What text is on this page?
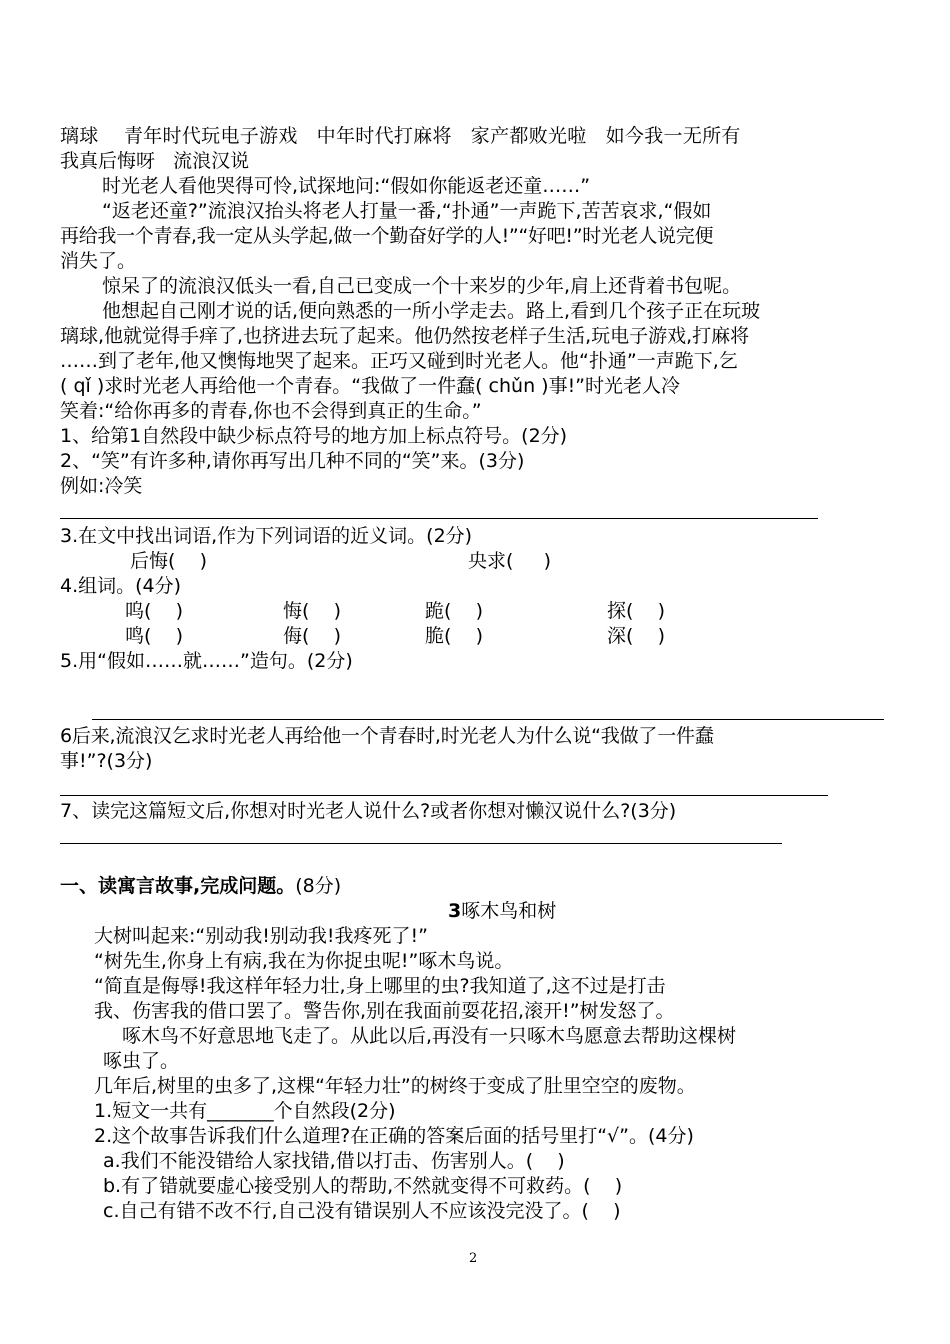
璃球    青年时代玩电子游戏   中年时代打麻将   家产都败光啦   如今我一无所有
我真后悔呀   流浪汉说
时光老人看他哭得可怜,试探地问:“假如你能返老还童……”
“返老还童?”流浪汉抬头将老人打量一番,“扑通”一声跪下,苦苦哀求,“假如
再给我一个青春,我一定从头学起,做一个勤奋好学的人!”“好吧!”时光老人说完便
消失了。
惊呆了的流浪汉低头一看,自己已变成一个十来岁的少年,肩上还背着书包呢。
他想起自己刚才说的话,便向熟悉的一所小学走去。路上,看到几个孩子正在玩玻
璃球,他就觉得手痒了,也挤进去玩了起来。他仍然按老样子生活,玩电子游戏,打麻将
……到了老年,他又懊悔地哭了起来。正巧又碰到时光老人。他“扑通”一声跪下,乞
( qǐ )求时光老人再给他一个青春。“我做了一件蠢( chǔn )事!”时光老人冷
笑着:“给你再多的青春,你也不会得到真正的生命。”
1、给第1自然段中缺少标点符号的地方加上标点符号。(2分)
2、“笑”有许多种,请你再写出几种不同的“笑”来。(3分)
例如:冷笑
3.在文中找出词语,作为下列词语的近义词。(2分)
后悔(    )	央求(     )
4.组词。(4分)
呜(    )	悔(    )	跪(    )	探(    )
鸣(    )	侮(    )	脆(    )	深(    )
5.用“假如……就……”造句。(2分)
6后来,流浪汉乞求时光老人再给他一个青春时,时光老人为什么说“我做了一件蠢
事!”?(3分)
7、读完这篇短文后,你想对时光老人说什么?或者你想对懒汉说什么?(3分)
一、读寓言故事,完成问题。(8分)
3啄木鸟和树
大树叫起来:“别动我!别动我!我疼死了!”
“树先生,你身上有病,我在为你捉虫呢!”啄木鸟说。
“简直是侮辱!我这样年轻力壮,身上哪里的虫?我知道了,这不过是打击
我、伤害我的借口罢了。警告你,别在我面前耍花招,滚开!”树发怒了。
啄木鸟不好意思地飞走了。从此以后,再没有一只啄木鸟愿意去帮助这棵树
啄虫了。
几年后,树里的虫多了,这棵“年轻力壮”的树终于变成了肚里空空的废物。
1.短文一共有_______个自然段(2分)
2.这个故事告诉我们什么道理?在正确的答案后面的括号里打“√”。(4分)
a.我们不能没错给人家找错,借以打击、伤害别人。(    )
b.有了错就要虚心接受别人的帮助,不然就变得不可救药。(    )
c.自己有错不改不行,自己没有错误别人不应该没完没了。(    )
2
